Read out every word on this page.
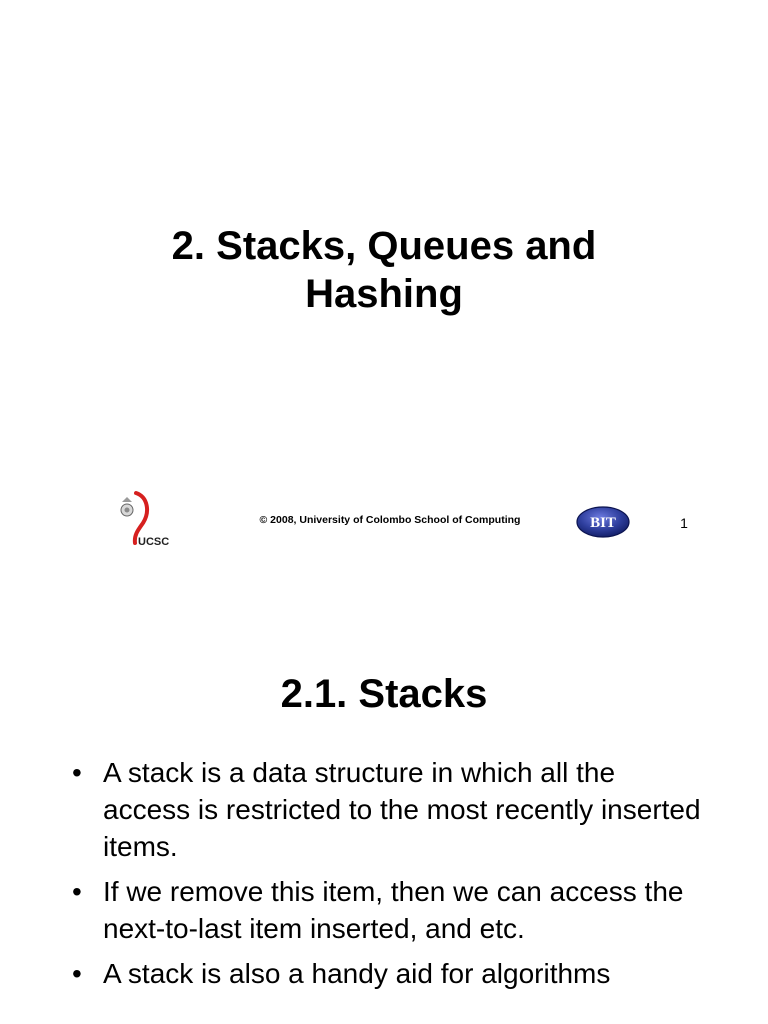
2. Stacks, Queues and
Hashing
UCSC
© 2008, University of Colombo School of Computing	BIT	1
2.1. Stacks
• A stack is a data structure in which all the access is restricted to the most recently inserted items.
• If we remove this item, then we can access the next-to-last item inserted, and etc.
• A stack is also a handy aid for algorithms
